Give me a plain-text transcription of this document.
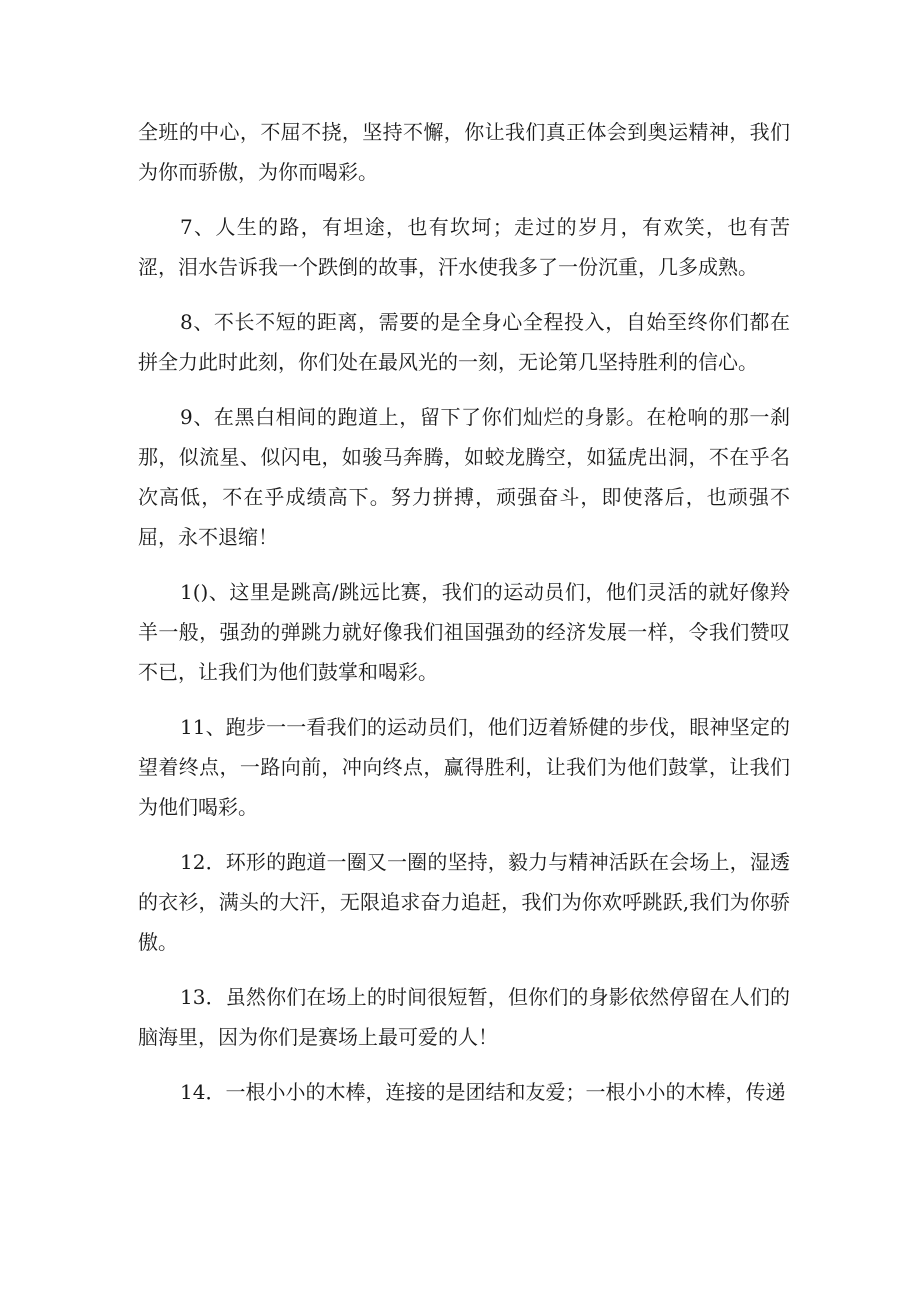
全班的中心，不屈不挠，坚持不懈，你让我们真正体会到奥运精神，我们为你而骄傲，为你而喝彩。

7、人生的路，有坦途，也有坎坷；走过的岁月，有欢笑，也有苦涩，泪水告诉我一个跌倒的故事，汗水使我多了一份沉重，几多成熟。

8、不长不短的距离，需要的是全身心全程投入，自始至终你们都在拼全力此时此刻，你们处在最风光的一刻，无论第几坚持胜利的信心。

9、在黑白相间的跑道上，留下了你们灿烂的身影。在枪响的那一刹那，似流星、似闪电，如骏马奔腾，如蛟龙腾空，如猛虎出洞，不在乎名次高低，不在乎成绩高下。努力拼搏，顽强奋斗，即使落后，也顽强不屈，永不退缩！

1()、这里是跳高/跳远比赛，我们的运动员们，他们灵活的就好像羚羊一般，强劲的弹跳力就好像我们祖国强劲的经济发展一样，令我们赞叹不已，让我们为他们鼓掌和喝彩。

11、跑步一一看我们的运动员们，他们迈着矫健的步伐，眼神坚定的望着终点，一路向前，冲向终点，赢得胜利，让我们为他们鼓掌，让我们为他们喝彩。

12．环形的跑道一圈又一圈的坚持，毅力与精神活跃在会场上，湿透的衣衫，满头的大汗，无限追求奋力追赶，我们为你欢呼跳跃,我们为你骄傲。

13．虽然你们在场上的时间很短暂，但你们的身影依然停留在人们的脑海里，因为你们是赛场上最可爱的人！

14．一根小小的木棒，连接的是团结和友爱；一根小小的木棒，传递
